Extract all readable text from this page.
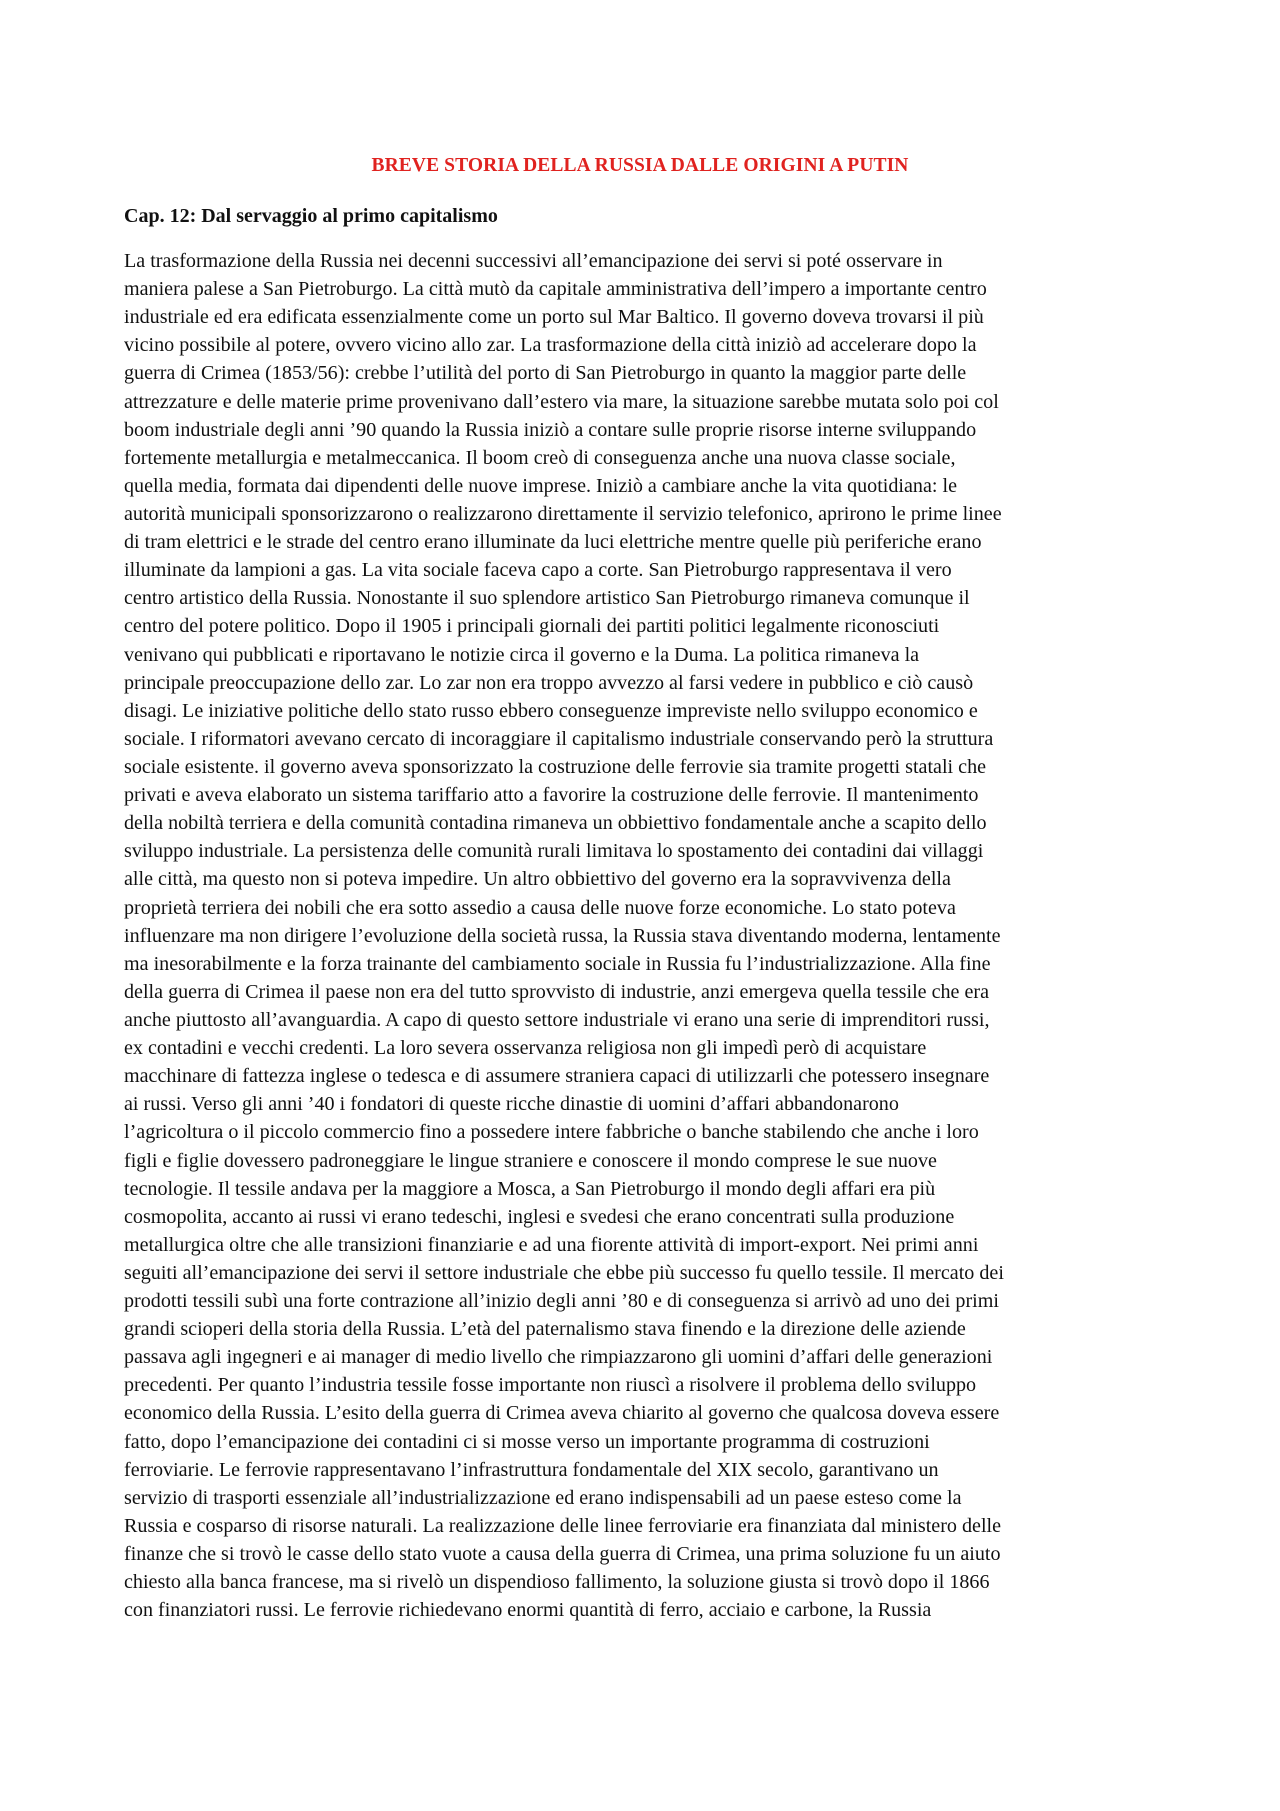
BREVE STORIA DELLA RUSSIA DALLE ORIGINI A PUTIN
Cap. 12: Dal servaggio al primo capitalismo
La trasformazione della Russia nei decenni successivi all’emancipazione dei servi si poté osservare in
maniera palese a San Pietroburgo. La città mutò da capitale amministrativa dell’impero a importante centro
industriale ed era edificata essenzialmente come un porto sul Mar Baltico. Il governo doveva trovarsi il più
vicino possibile al potere, ovvero vicino allo zar. La trasformazione della città iniziò ad accelerare dopo la
guerra di Crimea (1853/56): crebbe l’utilità del porto di San Pietroburgo in quanto la maggior parte delle
attrezzature e delle materie prime provenivano dall’estero via mare, la situazione sarebbe mutata solo poi col
boom industriale degli anni ’90 quando la Russia iniziò a contare sulle proprie risorse interne sviluppando
fortemente metallurgia e metalmeccanica. Il boom creò di conseguenza anche una nuova classe sociale,
quella media, formata dai dipendenti delle nuove imprese. Iniziò a cambiare anche la vita quotidiana: le
autorità municipali sponsorizzarono o realizzarono direttamente il servizio telefonico, aprirono le prime linee
di tram elettrici e le strade del centro erano illuminate da luci elettriche mentre quelle più periferiche erano
illuminate da lampioni a gas. La vita sociale faceva capo a corte. San Pietroburgo rappresentava il vero
centro artistico della Russia. Nonostante il suo splendore artistico San Pietroburgo rimaneva comunque il
centro del potere politico. Dopo il 1905 i principali giornali dei partiti politici legalmente riconosciuti
venivano qui pubblicati e riportavano le notizie circa il governo e la Duma. La politica rimaneva la
principale preoccupazione dello zar. Lo zar non era troppo avvezzo al farsi vedere in pubblico e ciò causò
disagi. Le iniziative politiche dello stato russo ebbero conseguenze impreviste nello sviluppo economico e
sociale. I riformatori avevano cercato di incoraggiare il capitalismo industriale conservando però la struttura
sociale esistente. il governo aveva sponsorizzato la costruzione delle ferrovie sia tramite progetti statali che
privati e aveva elaborato un sistema tariffario atto a favorire la costruzione delle ferrovie. Il mantenimento
della nobiltà terriera e della comunità contadina rimaneva un obbiettivo fondamentale anche a scapito dello
sviluppo industriale. La persistenza delle comunità rurali limitava lo spostamento dei contadini dai villaggi
alle città, ma questo non si poteva impedire. Un altro obbiettivo del governo era la sopravvivenza della
proprietà terriera dei nobili che era sotto assedio a causa delle nuove forze economiche. Lo stato poteva
influenzare ma non dirigere l’evoluzione della società russa, la Russia stava diventando moderna, lentamente
ma inesorabilmente e la forza trainante del cambiamento sociale in Russia fu l’industrializzazione. Alla fine
della guerra di Crimea il paese non era del tutto sprovvisto di industrie, anzi emergeva quella tessile che era
anche piuttosto all’avanguardia. A capo di questo settore industriale vi erano una serie di imprenditori russi,
ex contadini e vecchi credenti. La loro severa osservanza religiosa non gli impedì però di acquistare
macchinare di fattezza inglese o tedesca e di assumere straniera capaci di utilizzarli che potessero insegnare
ai russi. Verso gli anni ’40 i fondatori di queste ricche dinastie di uomini d’affari abbandonarono
l’agricoltura o il piccolo commercio fino a possedere intere fabbriche o banche stabilendo che anche i loro
figli e figlie dovessero padroneggiare le lingue straniere e conoscere il mondo comprese le sue nuove
tecnologie. Il tessile andava per la maggiore a Mosca, a San Pietroburgo il mondo degli affari era più
cosmopolita, accanto ai russi vi erano tedeschi, inglesi e svedesi che erano concentrati sulla produzione
metallurgica oltre che alle transizioni finanziarie e ad una fiorente attività di import-export. Nei primi anni
seguiti all’emancipazione dei servi il settore industriale che ebbe più successo fu quello tessile. Il mercato dei
prodotti tessili subì una forte contrazione all’inizio degli anni ’80 e di conseguenza si arrivò ad uno dei primi
grandi scioperi della storia della Russia. L’età del paternalismo stava finendo e la direzione delle aziende
passava agli ingegneri e ai manager di medio livello che rimpiazzarono gli uomini d’affari delle generazioni
precedenti. Per quanto l’industria tessile fosse importante non riuscì a risolvere il problema dello sviluppo
economico della Russia. L’esito della guerra di Crimea aveva chiarito al governo che qualcosa doveva essere
fatto, dopo l’emancipazione dei contadini ci si mosse verso un importante programma di costruzioni
ferroviarie. Le ferrovie rappresentavano l’infrastruttura fondamentale del XIX secolo, garantivano un
servizio di trasporti essenziale all’industrializzazione ed erano indispensabili ad un paese esteso come la
Russia e cosparso di risorse naturali. La realizzazione delle linee ferroviarie era finanziata dal ministero delle
finanze che si trovò le casse dello stato vuote a causa della guerra di Crimea, una prima soluzione fu un aiuto
chiesto alla banca francese, ma si rivelò un dispendioso fallimento, la soluzione giusta si trovò dopo il 1866
con finanziatori russi. Le ferrovie richiedevano enormi quantità di ferro, acciaio e carbone, la Russia
